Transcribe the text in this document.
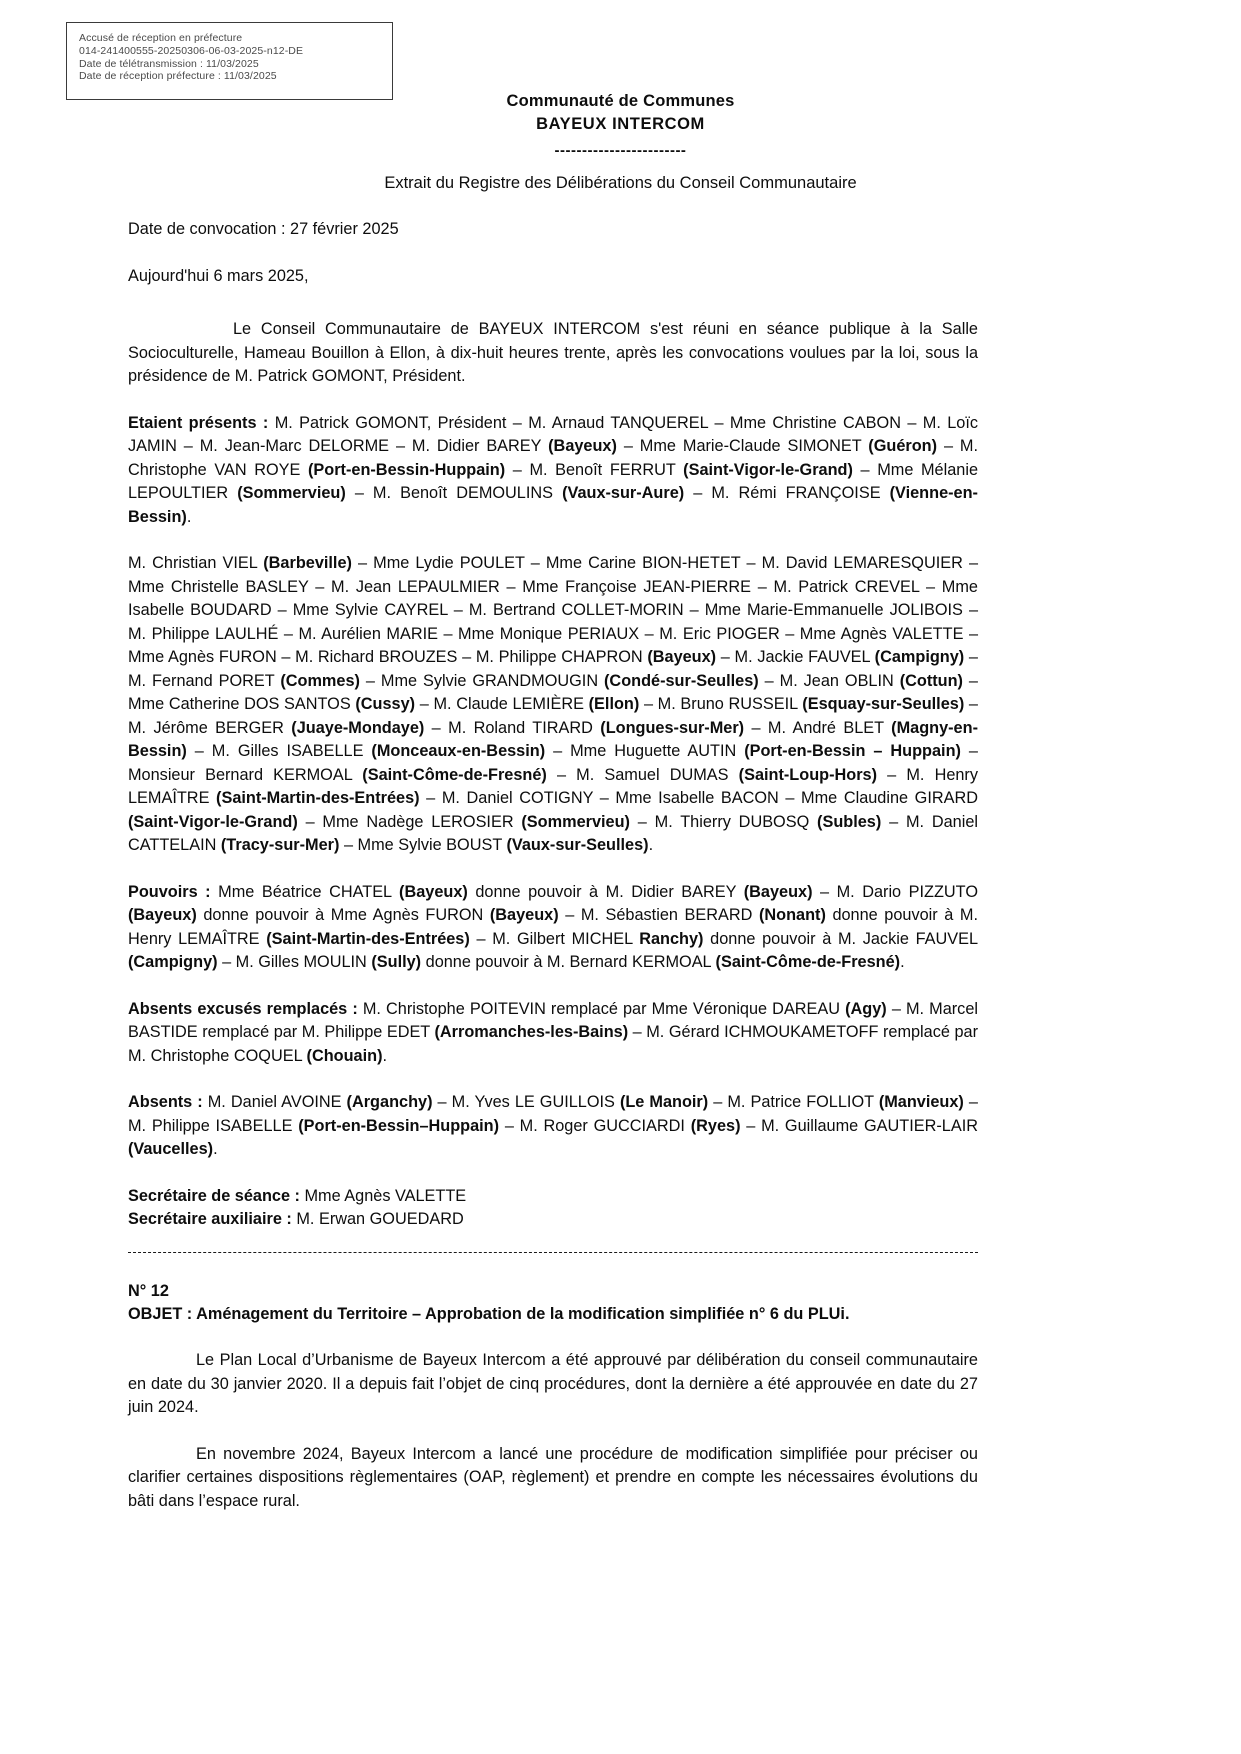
Accusé de réception en préfecture
014-241400555-20250306-06-03-2025-n12-DE
Date de télétransmission : 11/03/2025
Date de réception préfecture : 11/03/2025
Communauté de Communes
BAYEUX INTERCOM
------------------------
Extrait du Registre des Délibérations du Conseil Communautaire

Date de convocation : 27 février 2025

Aujourd'hui 6 mars 2025,

Le Conseil Communautaire de BAYEUX INTERCOM s'est réuni en séance publique à la Salle Socioculturelle, Hameau Bouillon à Ellon, à dix-huit heures trente, après les convocations voulues par la loi, sous la présidence de M. Patrick GOMONT, Président.

Etaient présents : M. Patrick GOMONT, Président – M. Arnaud TANQUEREL – Mme Christine CABON – M. Loïc JAMIN – M. Jean-Marc DELORME – M. Didier BAREY (Bayeux) – Mme Marie-Claude SIMONET (Guéron) – M. Christophe VAN ROYE (Port-en-Bessin-Huppain) – M. Benoît FERRUT (Saint-Vigor-le-Grand) – Mme Mélanie LEPOULTIER (Sommervieu) – M. Benoît DEMOULINS (Vaux-sur-Aure) – M. Rémi FRANÇOISE (Vienne-en-Bessin).

M. Christian VIEL (Barbeville) – Mme Lydie POULET – Mme Carine BION-HETET – M. David LEMARESQUIER – Mme Christelle BASLEY – M. Jean LEPAULMIER – Mme Françoise JEAN-PIERRE – M. Patrick CREVEL – Mme Isabelle BOUDARD – Mme Sylvie CAYREL – M. Bertrand COLLET-MORIN – Mme Marie-Emmanuelle JOLIBOIS – M. Philippe LAULHÉ – M. Aurélien MARIE – Mme Monique PERIAUX – M. Eric PIOGER – Mme Agnès VALETTE – Mme Agnès FURON – M. Richard BROUZES – M. Philippe CHAPRON (Bayeux) – M. Jackie FAUVEL (Campigny) – M. Fernand PORET (Commes) – Mme Sylvie GRANDMOUGIN (Condé-sur-Seulles) – M. Jean OBLIN (Cottun) – Mme Catherine DOS SANTOS (Cussy) – M. Claude LEMIÈRE (Ellon) – M. Bruno RUSSEIL (Esquay-sur-Seulles) – M. Jérôme BERGER (Juaye-Mondaye) – M. Roland TIRARD (Longues-sur-Mer) – M. André BLET (Magny-en-Bessin) – M. Gilles ISABELLE (Monceaux-en-Bessin) – Mme Huguette AUTIN (Port-en-Bessin – Huppain) – Monsieur Bernard KERMOAL (Saint-Côme-de-Fresné) – M. Samuel DUMAS (Saint-Loup-Hors) – M. Henry LEMAÎTRE (Saint-Martin-des-Entrées) – M. Daniel COTIGNY – Mme Isabelle BACON – Mme Claudine GIRARD (Saint-Vigor-le-Grand) – Mme Nadège LEROSIER (Sommervieu) – M. Thierry DUBOSQ (Subles) – M. Daniel CATTELAIN (Tracy-sur-Mer) – Mme Sylvie BOUST (Vaux-sur-Seulles).

Pouvoirs : Mme Béatrice CHATEL (Bayeux) donne pouvoir à M. Didier BAREY (Bayeux) – M. Dario PIZZUTO (Bayeux) donne pouvoir à Mme Agnès FURON (Bayeux) – M. Sébastien BERARD (Nonant) donne pouvoir à M. Henry LEMAÎTRE (Saint-Martin-des-Entrées) – M. Gilbert MICHEL Ranchy) donne pouvoir à M. Jackie FAUVEL (Campigny) – M. Gilles MOULIN (Sully) donne pouvoir à M. Bernard KERMOAL (Saint-Côme-de-Fresné).

Absents excusés remplacés : M. Christophe POITEVIN remplacé par Mme Véronique DAREAU (Agy) – M. Marcel BASTIDE remplacé par M. Philippe EDET (Arromanches-les-Bains) – M. Gérard ICHMOUKAMETOFF remplacé par M. Christophe COQUEL (Chouain).

Absents : M. Daniel AVOINE (Arganchy) – M. Yves LE GUILLOIS (Le Manoir) – M. Patrice FOLLIOT (Manvieux) – M. Philippe ISABELLE (Port-en-Bessin–Huppain) – M. Roger GUCCIARDI (Ryes) – M. Guillaume GAUTIER-LAIR (Vaucelles).

Secrétaire de séance : Mme Agnès VALETTE

Secrétaire auxiliaire : M. Erwan GOUEDARD

N° 12

OBJET : Aménagement du Territoire – Approbation de la modification simplifiée n° 6 du PLUi.

Le Plan Local d’Urbanisme de Bayeux Intercom a été approuvé par délibération du conseil communautaire en date du 30 janvier 2020. Il a depuis fait l’objet de cinq procédures, dont la dernière a été approuvée en date du 27 juin 2024.

En novembre 2024, Bayeux Intercom a lancé une procédure de modification simplifiée pour préciser ou clarifier certaines dispositions règlementaires (OAP, règlement) et prendre en compte les nécessaires évolutions du bâti dans l’espace rural.
